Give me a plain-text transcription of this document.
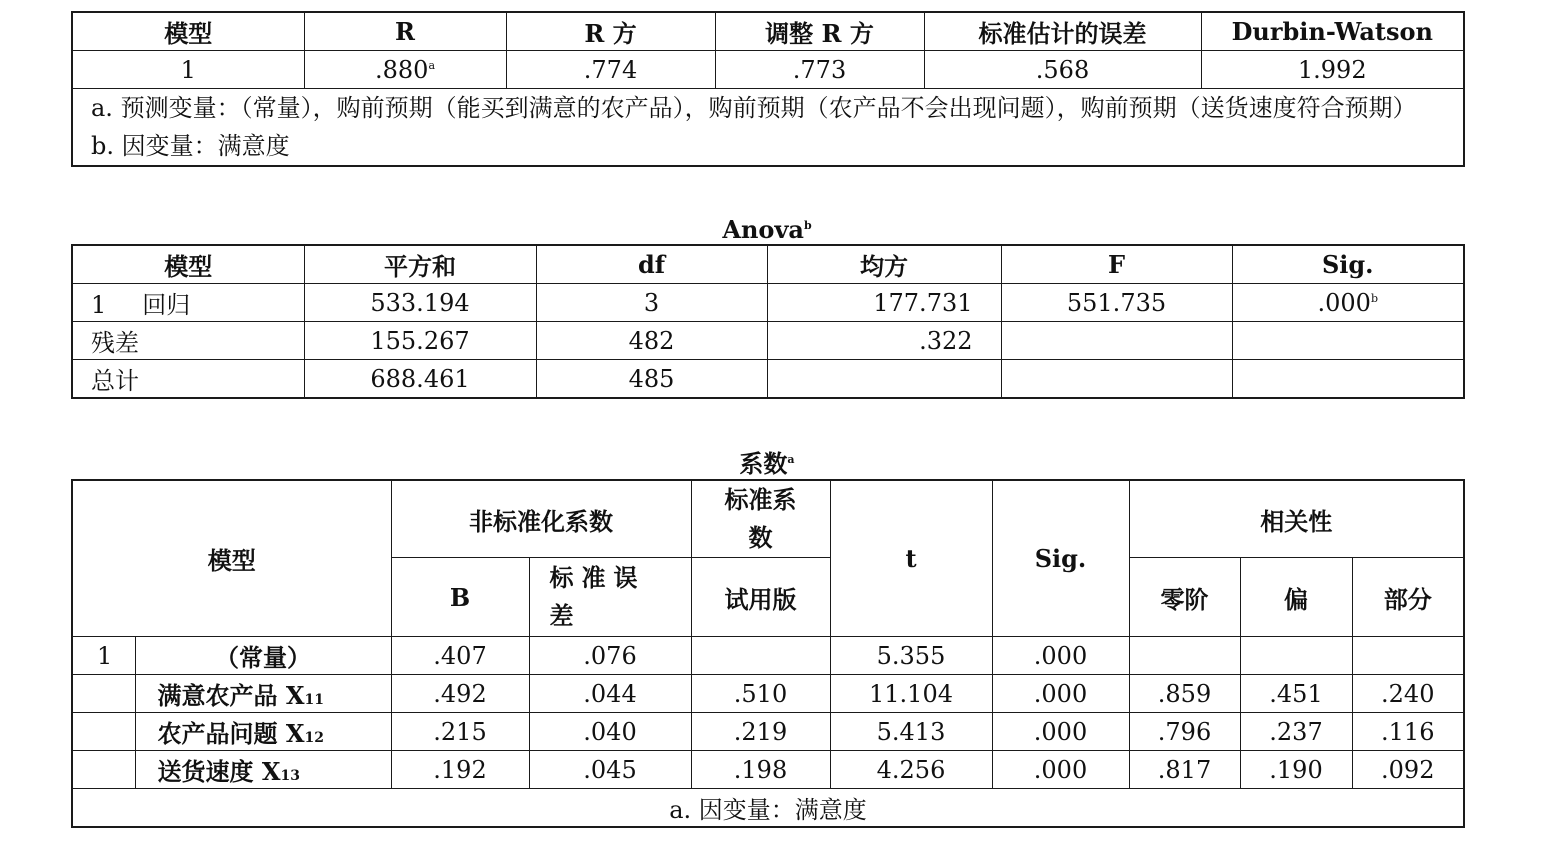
模型	R	R 方	调整 R 方	标准估计的误差	Durbin-Watson
1	.880$^a$	.774	.773	.568	1.992

a. 预测变量：（常量），购前预期（能买到满意的农产品），购前预期（农产品不会出现问题），购前预期（送货速度符合预期）
b. 因变量：满意度					
Anova$^b$
模型	平方和	df	均方	F	Sig.
1 回归	533.194	3	177.731	551.735	.000$^b$
残差	155.267	482	.322		
总计	688.461	485			
系数$^a$
模型		非标准化系数		标准系数	t	Sig.	相关性		
		B	标准误差	试用版			零阶	偏	部分
1	（常量）	.407	.076		5.355	.000			
	满意农产品 X11	.492	.044	.510	11.104	.000	.859	.451	.240
	农产品问题 X12	.215	.040	.219	5.413	.000	.796	.237	.116
	送货速度 X13	.192	.045	.198	4.256	.000	.817	.190	.092
a. 因变量：满意度									
